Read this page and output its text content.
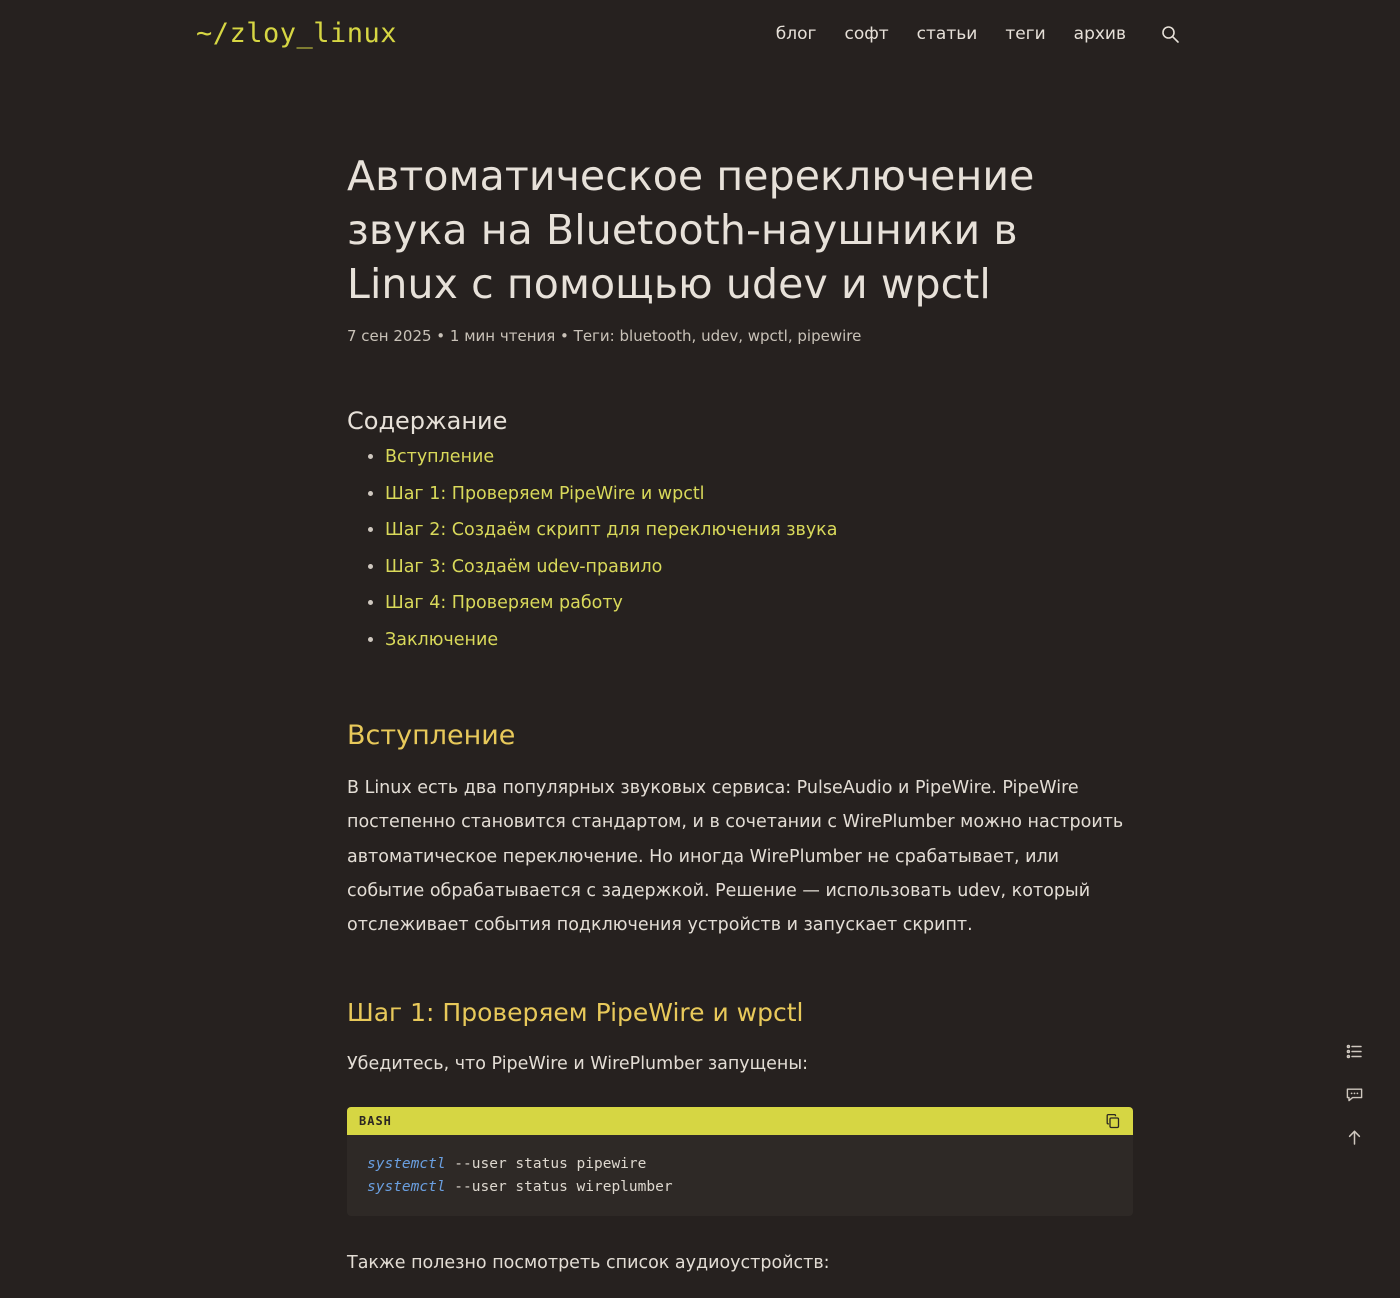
~/zloy_linux	блог софт статьи теги архив
Автоматическое переключение звука на Bluetooth-наушники в Linux с помощью udev и wpctl
7 сен 2025 • 1 мин чтения • Теги: bluetooth, udev, wpctl, pipewire
Содержание
• Вступление
• Шаг 1: Проверяем PipeWire и wpctl
• Шаг 2: Создаём скрипт для переключения звука
• Шаг 3: Создаём udev-правило
• Шаг 4: Проверяем работу
• Заключение
Вступление

В Linux есть два популярных звуковых сервиса: PulseAudio и PipeWire. PipeWire постепенно становится стандартом, и в сочетании с WirePlumber можно настроить автоматическое переключение. Но иногда WirePlumber не срабатывает, или событие обрабатывается с задержкой. Решение — использовать udev, который отслеживает события подключения устройств и запускает скрипт.

Шаг 1: Проверяем PipeWire и wpctl

Убедитесь, что PipeWire и WirePlumber запущены:

BASH
systemctl --user status pipewire
systemctl --user status wireplumber

Также полезно посмотреть список аудиоустройств:
